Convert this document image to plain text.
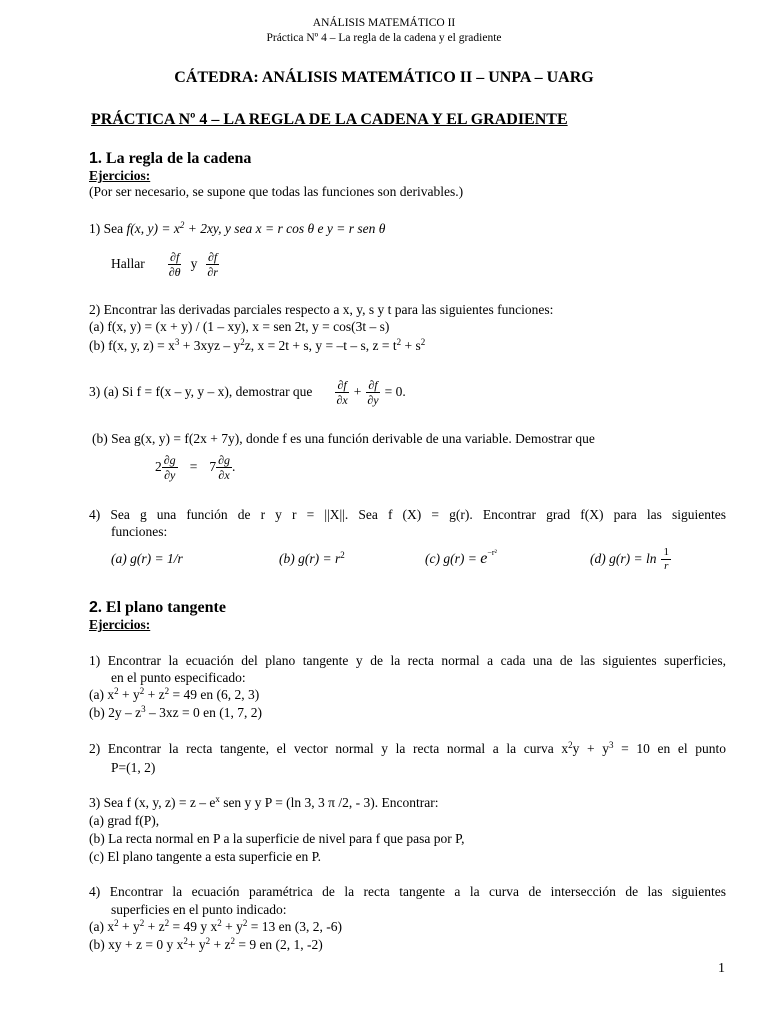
ANÁLISIS MATEMÁTICO II
Práctica Nº 4 – La regla de la cadena y el gradiente
CÁTEDRA: ANÁLISIS MATEMÁTICO II – UNPA – UARG
PRÁCTICA Nº 4 – LA REGLA DE LA CADENA Y EL GRADIENTE
1. La regla de la cadena
Ejercicios:
(Por ser necesario, se supone que todas las funciones son derivables.)
1) Sea f(x, $y) = x^2 + 2xy$, y sea x = r cos θ e y = r sen θ
Hallar $\frac{\partial f}{\partial\theta}$ y $\frac{\partial f}{\partial r}$
2) Encontrar las derivadas parciales respecto a x, y, s y t para las siguientes funciones:
(a) f(x, y) = (x + y) / (1 – xy), x = sen 2t, y = cos(3t – s)
(b) f(x, y, $z) = x^3 + 3xyz - y^2z$, x = 2t + s, y = –t – s, $z = t^2 + s^2$
3) (a) Si f = f(x – y, y – x), demostrar que $\frac{\partial f}{\partial x} + \frac{\partial f}{\partial y} = 0$.
(b) Sea g(x, y) = f(2x + 7y), donde f es una función derivable de una variable. Demostrar que
$2 \frac{\partial g}{\partial y} = 7 \frac{\partial g}{\partial x}$ .
4) Sea g una función de r y r = ||X||. Sea f (X) = g(r). Encontrar grad f(X) para las siguientes
funciones:
(a) g(r) = 1/r	(b) $g(r) = r^2$	(c) $g(r) = e^{-r^2}$	(d) $g(r) = \ln \frac{1}{r}$
2. El plano tangente
Ejercicios:
1) Encontrar la ecuación del plano tangente y de la recta normal a cada una de las siguientes superficies,
en el punto especificado:
(a) $x^2 + y^2 + z^2 = 49$ en (6, 2, 3)
(b) $2y - z^3 - 3xz = 0$ en (1, 7, 2)
2) Encontrar la recta tangente, el vector normal y la recta normal a la curva $x^2y + y^3 = 10$ en el punto
P=(1, 2)
3) Sea f (x, y, $z) = z - e^x$ sen y y P = (ln 3, 3 π /2, - 3). Encontrar:
(a) grad f(P),
(b) La recta normal en P a la superficie de nivel para f que pasa por P,
(c) El plano tangente a esta superficie en P.
4) Encontrar la ecuación paramétrica de la recta tangente a la curva de intersección de las siguientes
superficies en el punto indicado:
(a) $x^2 + y^2 + z^2 = 49$ y $x^2 + y^2 = 13$ en (3, 2, -6)
(b) xy + z = 0 y $x^2+ y^2 + z^2 = 9$ en (2, 1, -2)
1
